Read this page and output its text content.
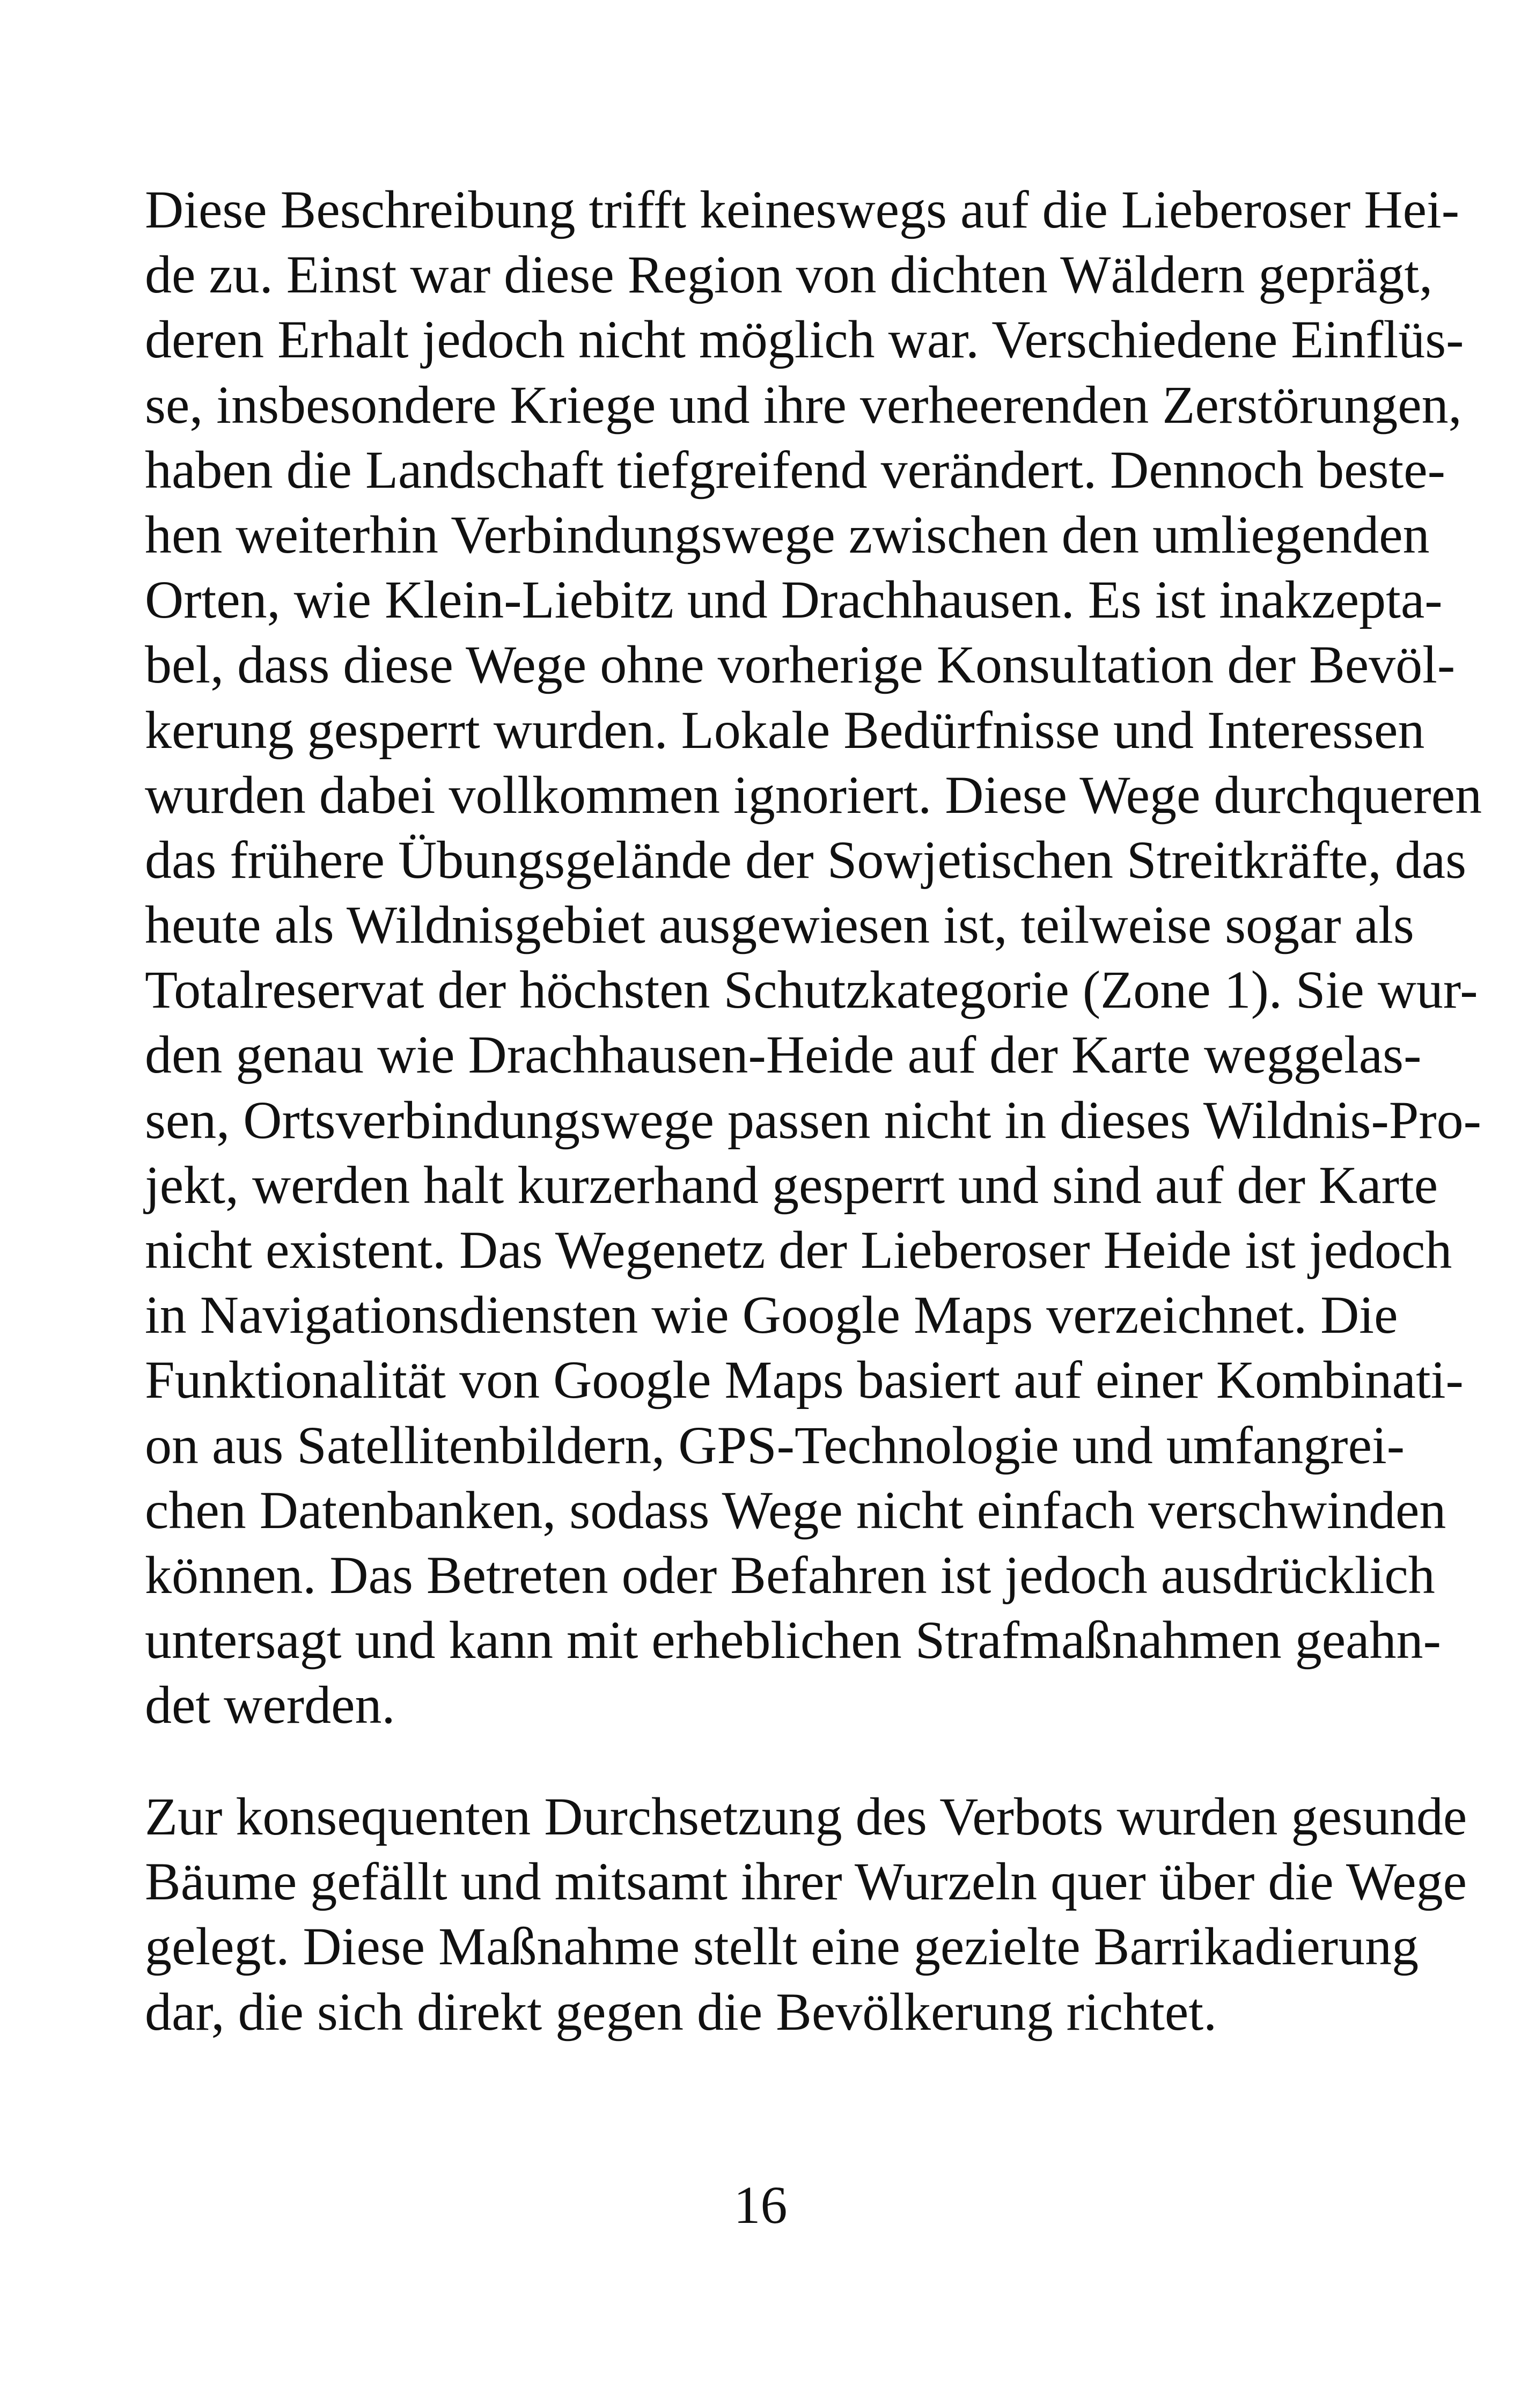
Diese Beschreibung trifft keineswegs auf die Lieberoser Hei-
de zu. Einst war diese Region von dichten Wäldern geprägt,
deren Erhalt jedoch nicht möglich war. Verschiedene Einflüs-
se, insbesondere Kriege und ihre verheerenden Zerstörungen,
haben die Landschaft tiefgreifend verändert. Dennoch beste-
hen weiterhin Verbindungswege zwischen den umliegenden
Orten, wie Klein-Liebitz und Drachhausen. Es ist inakzepta-
bel, dass diese Wege ohne vorherige Konsultation der Bevöl-
kerung gesperrt wurden. Lokale Bedürfnisse und Interessen
wurden dabei vollkommen ignoriert. Diese Wege durchqueren
das frühere Übungsgelände der Sowjetischen Streitkräfte, das
heute als Wildnisgebiet ausgewiesen ist, teilweise sogar als
Totalreservat der höchsten Schutzkategorie (Zone 1). Sie wur-
den genau wie Drachhausen-Heide auf der Karte weggelas-
sen, Ortsverbindungswege passen nicht in dieses Wildnis-Pro-
jekt, werden halt kurzerhand gesperrt und sind auf der Karte
nicht existent. Das Wegenetz der Lieberoser Heide ist jedoch
in Navigationsdiensten wie Google Maps verzeichnet. Die
Funktionalität von Google Maps basiert auf einer Kombinati-
on aus Satellitenbildern, GPS-Technologie und umfangrei-
chen Datenbanken, sodass Wege nicht einfach verschwinden
können. Das Betreten oder Befahren ist jedoch ausdrücklich
untersagt und kann mit erheblichen Strafmaßnahmen geahn-
det werden.
Zur konsequenten Durchsetzung des Verbots wurden gesunde
Bäume gefällt und mitsamt ihrer Wurzeln quer über die Wege
gelegt. Diese Maßnahme stellt eine gezielte Barrikadierung
dar, die sich direkt gegen die Bevölkerung richtet.
16
